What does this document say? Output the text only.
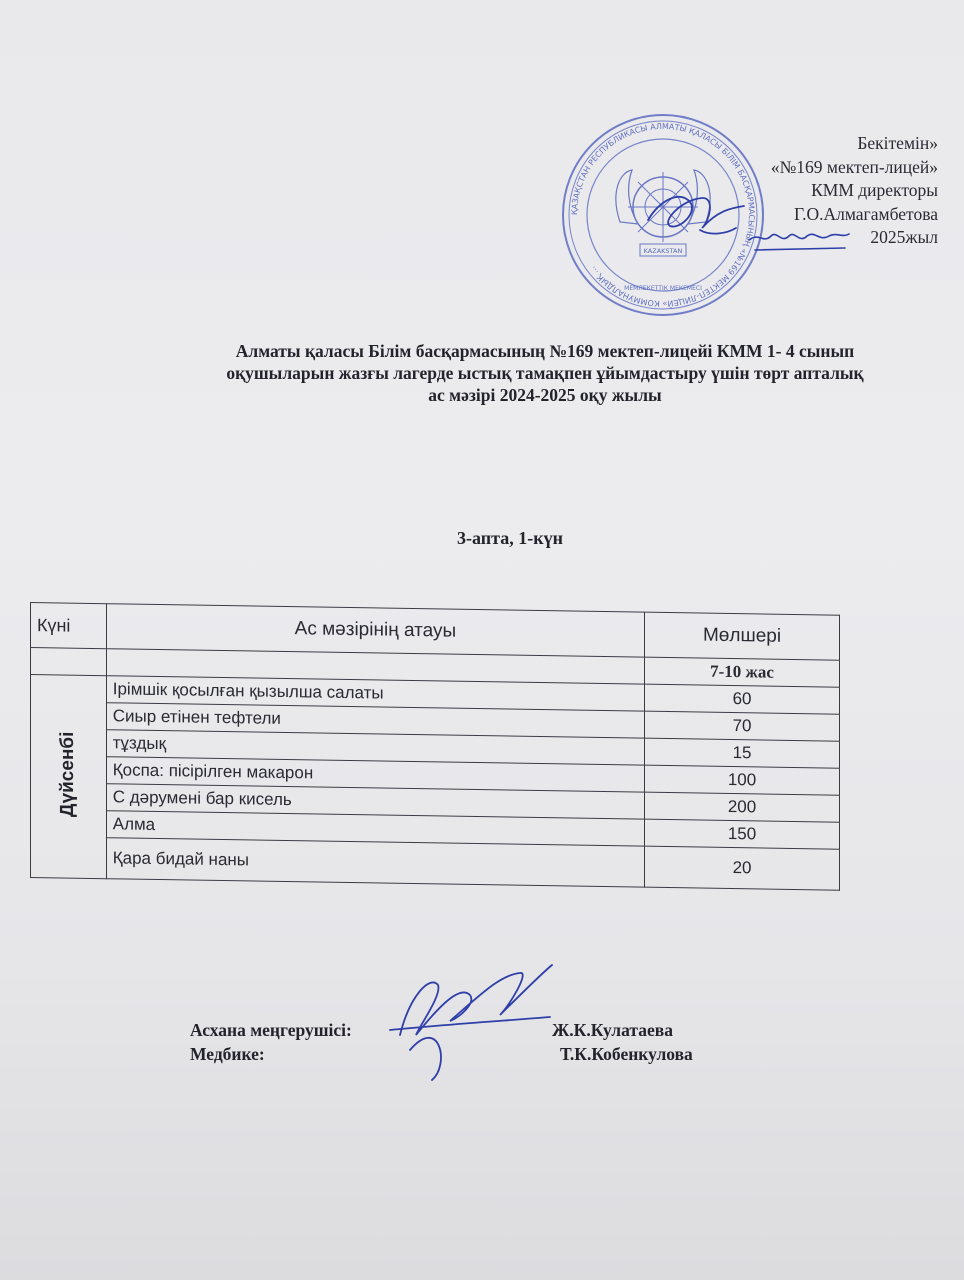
ҚАЗАҚСТАН РЕСПУБЛИКАСЫ АЛМАТЫ ҚАЛАСЫ БІЛІМ БАСҚАРМАСЫНЫҢ «№169 МЕКТЕП-ЛИЦЕЙ» КОММУНАЛДЫҚ ...
KAZAKSTAN
МЕМЛЕКЕТТІК МЕКЕМЕСІ
Бекітемін»
«№169 мектеп-лицей»
КММ директоры
Г.О.Алмагамбетова
2025жыл
Алматы қаласы Білім басқармасының №169 мектеп-лицейі КММ 1- 4 сынып
оқушыларын жазғы лагерде ыстық тамақпен ұйымдастыру үшін төрт апталық
ас мәзірі 2024-2025 оқу жылы
3-апта, 1-күн
Күні	Ас мәзірінің атауы	Мөлшері
		7-10 жас
Дүйсенбі	Ірімшік қосылған қызылша салаты	60
	Сиыр етінен тефтели	70
	тұздық	15
	Қоспа: пісірілген макарон	100
	С дәрумені бар кисель	200
	Алма	150
	Қара бидай наны	20
Асхана меңгерушісі:	Ж.К.Кулатаева
Медбике:	Т.К.Кобенкулова
